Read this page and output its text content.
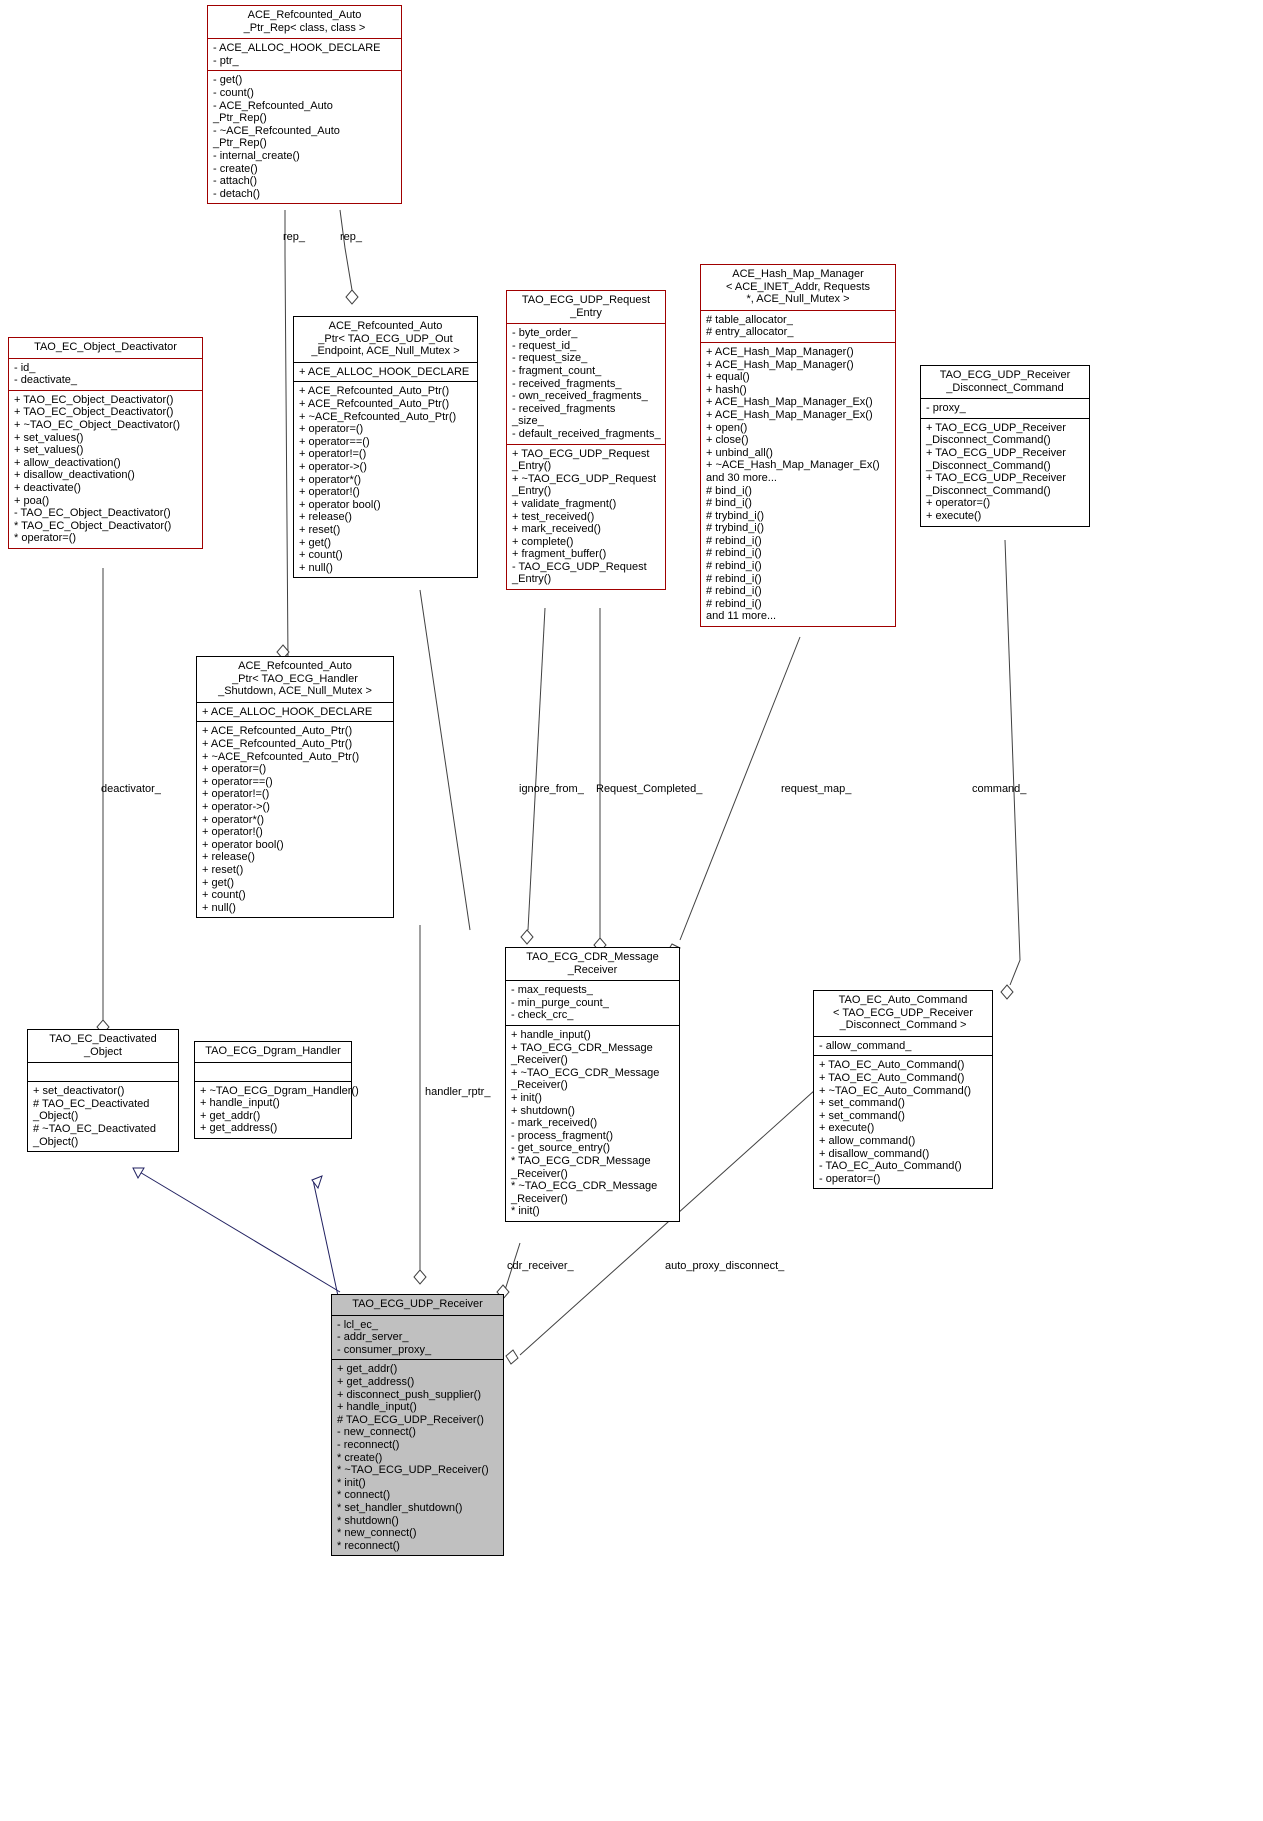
ACE_Refcounted_Auto
_Ptr_Rep< class, class >
- ACE_ALLOC_HOOK_DECLARE
- ptr_
- get()
- count()
- ACE_Refcounted_Auto
_Ptr_Rep()
- ~ACE_Refcounted_Auto
_Ptr_Rep()
- internal_create()
- create()
- attach()
- detach()
TAO_EC_Object_Deactivator
- id_
- deactivate_
+ TAO_EC_Object_Deactivator()
+ TAO_EC_Object_Deactivator()
+ ~TAO_EC_Object_Deactivator()
+ set_values()
+ set_values()
+ allow_deactivation()
+ disallow_deactivation()
+ deactivate()
+ poa()
- TAO_EC_Object_Deactivator()
* TAO_EC_Object_Deactivator()
* operator=()
ACE_Refcounted_Auto
_Ptr< TAO_ECG_UDP_Out
_Endpoint, ACE_Null_Mutex >
+ ACE_ALLOC_HOOK_DECLARE
+ ACE_Refcounted_Auto_Ptr()
+ ACE_Refcounted_Auto_Ptr()
+ ~ACE_Refcounted_Auto_Ptr()
+ operator=()
+ operator==()
+ operator!=()
+ operator->()
+ operator*()
+ operator!()
+ operator bool()
+ release()
+ reset()
+ get()
+ count()
+ null()
TAO_ECG_UDP_Request
_Entry
- byte_order_
- request_id_
- request_size_
- fragment_count_
- received_fragments_
- own_received_fragments_
- received_fragments
_size_
- default_received_fragments_
+ TAO_ECG_UDP_Request
_Entry()
+ ~TAO_ECG_UDP_Request
_Entry()
+ validate_fragment()
+ test_received()
+ mark_received()
+ complete()
+ fragment_buffer()
- TAO_ECG_UDP_Request
_Entry()
ACE_Hash_Map_Manager
< ACE_INET_Addr, Requests
*, ACE_Null_Mutex >
# table_allocator_
# entry_allocator_
+ ACE_Hash_Map_Manager()
+ ACE_Hash_Map_Manager()
+ equal()
+ hash()
+ ACE_Hash_Map_Manager_Ex()
+ ACE_Hash_Map_Manager_Ex()
+ open()
+ close()
+ unbind_all()
+ ~ACE_Hash_Map_Manager_Ex()
and 30 more...
# bind_i()
# bind_i()
# trybind_i()
# trybind_i()
# rebind_i()
# rebind_i()
# rebind_i()
# rebind_i()
# rebind_i()
# rebind_i()
and 11 more...
TAO_ECG_UDP_Receiver
_Disconnect_Command
- proxy_
+ TAO_ECG_UDP_Receiver
_Disconnect_Command()
+ TAO_ECG_UDP_Receiver
_Disconnect_Command()
+ TAO_ECG_UDP_Receiver
_Disconnect_Command()
+ operator=()
+ execute()
ACE_Refcounted_Auto
_Ptr< TAO_ECG_Handler
_Shutdown, ACE_Null_Mutex >
+ ACE_ALLOC_HOOK_DECLARE
+ ACE_Refcounted_Auto_Ptr()
+ ACE_Refcounted_Auto_Ptr()
+ ~ACE_Refcounted_Auto_Ptr()
+ operator=()
+ operator==()
+ operator!=()
+ operator->()
+ operator*()
+ operator!()
+ operator bool()
+ release()
+ reset()
+ get()
+ count()
+ null()
TAO_ECG_CDR_Message
_Receiver
- max_requests_
- min_purge_count_
- check_crc_
+ handle_input()
+ TAO_ECG_CDR_Message
_Receiver()
+ ~TAO_ECG_CDR_Message
_Receiver()
+ init()
+ shutdown()
- mark_received()
- process_fragment()
- get_source_entry()
* TAO_ECG_CDR_Message
_Receiver()
* ~TAO_ECG_CDR_Message
_Receiver()
* init()
TAO_EC_Deactivated
_Object
+ set_deactivator()
# TAO_EC_Deactivated
_Object()
# ~TAO_EC_Deactivated
_Object()
TAO_ECG_Dgram_Handler
+ ~TAO_ECG_Dgram_Handler()
+ handle_input()
+ get_addr()
+ get_address()
TAO_EC_Auto_Command
< TAO_ECG_UDP_Receiver
_Disconnect_Command >
- allow_command_
+ TAO_EC_Auto_Command()
+ TAO_EC_Auto_Command()
+ ~TAO_EC_Auto_Command()
+ set_command()
+ set_command()
+ execute()
+ allow_command()
+ disallow_command()
- TAO_EC_Auto_Command()
- operator=()
TAO_ECG_UDP_Receiver
- lcl_ec_
- addr_server_
- consumer_proxy_
+ get_addr()
+ get_address()
+ disconnect_push_supplier()
+ handle_input()
# TAO_ECG_UDP_Receiver()
- new_connect()
- reconnect()
* create()
* ~TAO_ECG_UDP_Receiver()
* init()
* connect()
* set_handler_shutdown()
* shutdown()
* new_connect()
* reconnect()
rep_	rep_
deactivator_	ignore_from_ Request_Completed_	request_map_	command_
handler_rptr_
cdr_receiver_	auto_proxy_disconnect_
